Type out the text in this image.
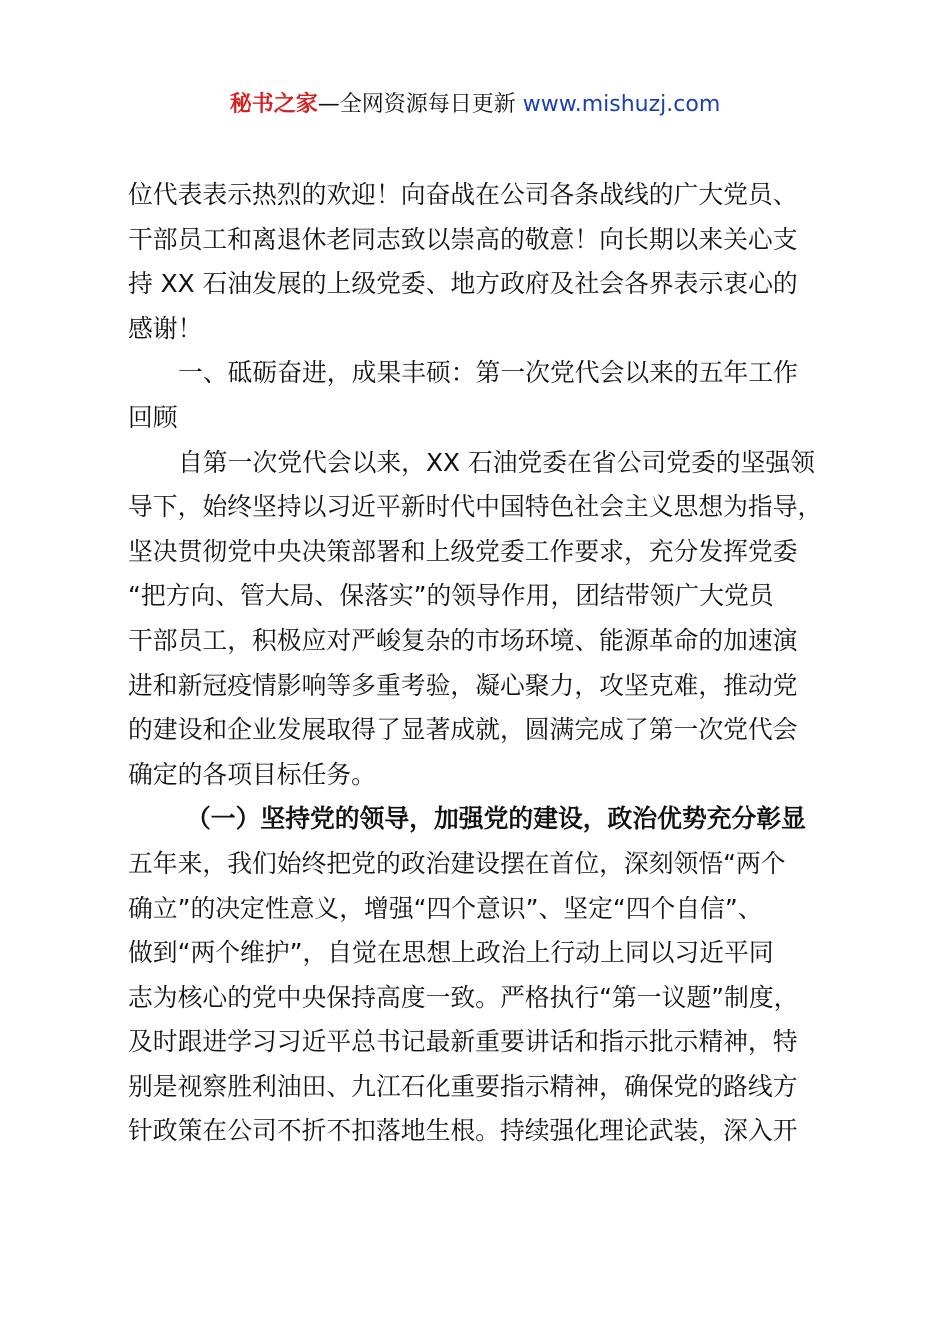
秘书之家—全网资源每日更新 www.mishuzj.com
位代表表示热烈的欢迎！向奋战在公司各条战线的广大党员、
干部员工和离退休老同志致以崇高的敬意！向长期以来关心支
持 XX 石油发展的上级党委、地方政府及社会各界表示衷心的
感谢！
一、砥砺奋进，成果丰硕：第一次党代会以来的五年工作
回顾
自第一次党代会以来，XX 石油党委在省公司党委的坚强领
导下，始终坚持以习近平新时代中国特色社会主义思想为指导，
坚决贯彻党中央决策部署和上级党委工作要求，充分发挥党委
“把方向、管大局、保落实”的领导作用，团结带领广大党员
干部员工，积极应对严峻复杂的市场环境、能源革命的加速演
进和新冠疫情影响等多重考验，凝心聚力，攻坚克难，推动党
的建设和企业发展取得了显著成就，圆满完成了第一次党代会
确定的各项目标任务。
（一）坚持党的领导，加强党的建设，政治优势充分彰显
五年来，我们始终把党的政治建设摆在首位，深刻领悟“两个
确立”的决定性意义，增强“四个意识”、坚定“四个自信”、
做到“两个维护”，自觉在思想上政治上行动上同以习近平同
志为核心的党中央保持高度一致。严格执行“第一议题”制度，
及时跟进学习习近平总书记最新重要讲话和指示批示精神，特
别是视察胜利油田、九江石化重要指示精神，确保党的路线方
针政策在公司不折不扣落地生根。持续强化理论武装，深入开
